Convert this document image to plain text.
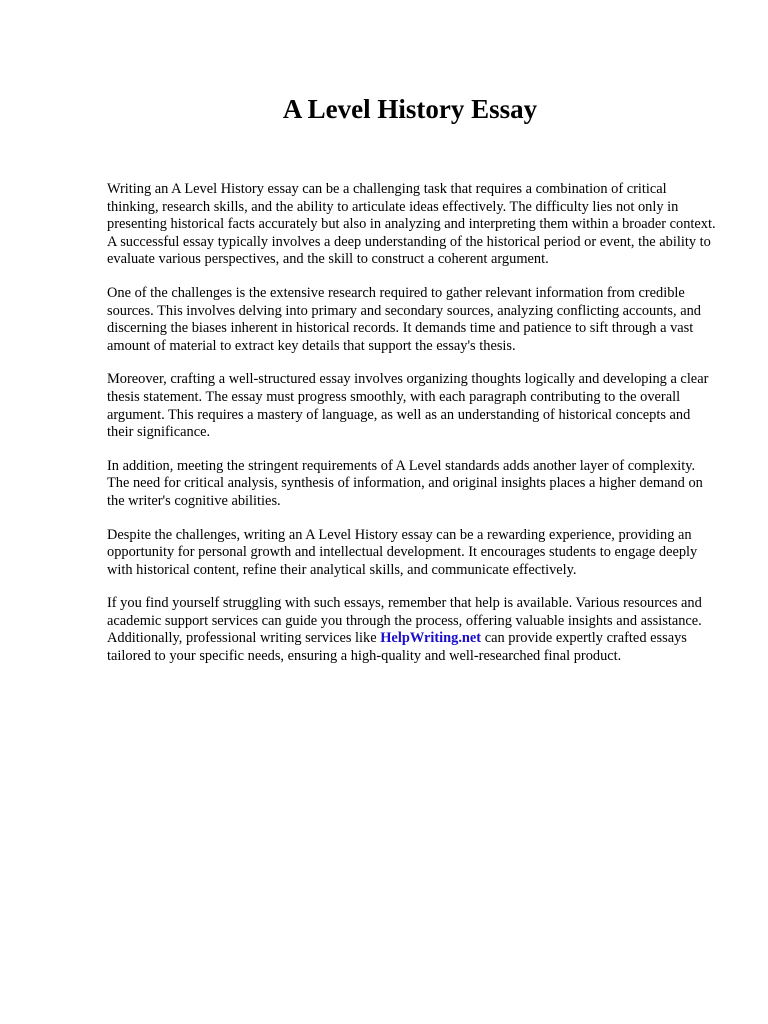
A Level History Essay

Writing an A Level History essay can be a challenging task that requires a combination of critical thinking, research skills, and the ability to articulate ideas effectively. The difficulty lies not only in presenting historical facts accurately but also in analyzing and interpreting them within a broader context. A successful essay typically involves a deep understanding of the historical period or event, the ability to evaluate various perspectives, and the skill to construct a coherent argument.

One of the challenges is the extensive research required to gather relevant information from credible sources. This involves delving into primary and secondary sources, analyzing conflicting accounts, and discerning the biases inherent in historical records. It demands time and patience to sift through a vast amount of material to extract key details that support the essay's thesis.

Moreover, crafting a well-structured essay involves organizing thoughts logically and developing a clear thesis statement. The essay must progress smoothly, with each paragraph contributing to the overall argument. This requires a mastery of language, as well as an understanding of historical concepts and their significance.

In addition, meeting the stringent requirements of A Level standards adds another layer of complexity. The need for critical analysis, synthesis of information, and original insights places a higher demand on the writer's cognitive abilities.

Despite the challenges, writing an A Level History essay can be a rewarding experience, providing an opportunity for personal growth and intellectual development. It encourages students to engage deeply with historical content, refine their analytical skills, and communicate effectively.

If you find yourself struggling with such essays, remember that help is available. Various resources and academic support services can guide you through the process, offering valuable insights and assistance. Additionally, professional writing services like HelpWriting.net can provide expertly crafted essays tailored to your specific needs, ensuring a high-quality and well-researched final product.
